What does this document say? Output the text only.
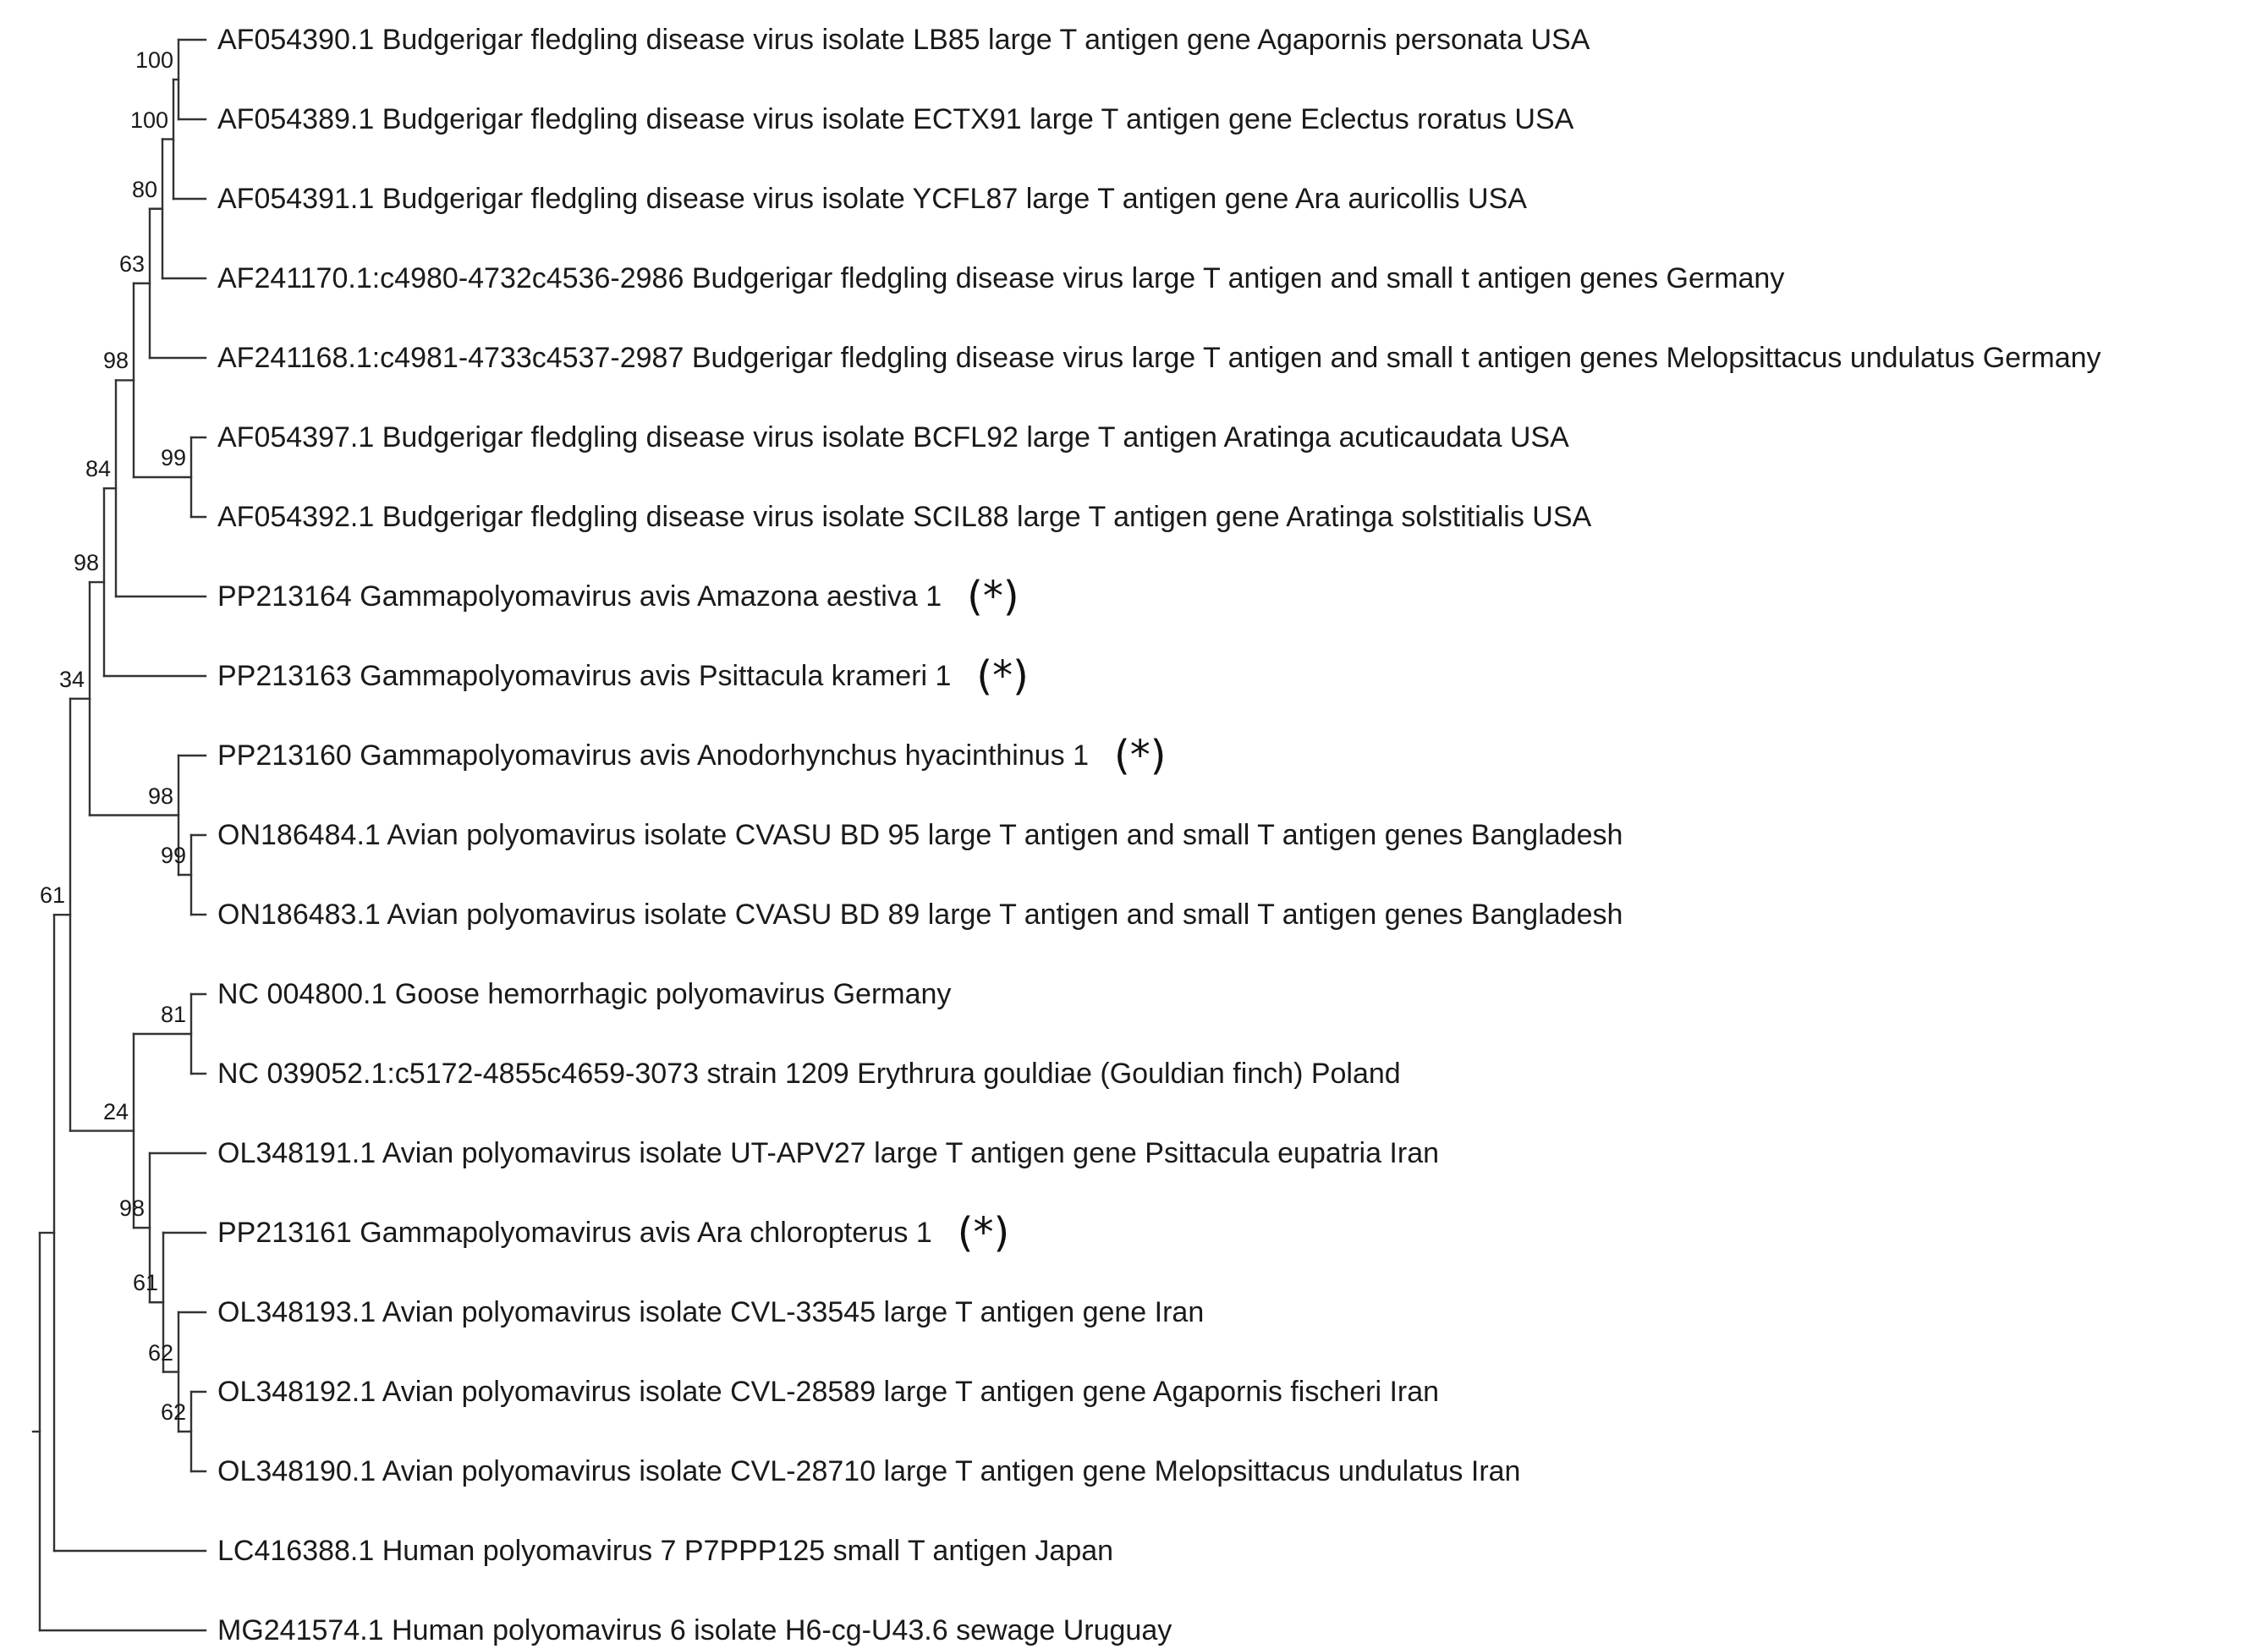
100
100
80
63
99
98
84
98
99
98
34
81
62
62
61
98
24
61
AF054390.1 Budgerigar fledgling disease virus isolate LB85 large T antigen gene Agapornis personata USA
AF054389.1 Budgerigar fledgling disease virus isolate ECTX91 large T antigen gene Eclectus roratus USA
AF054391.1 Budgerigar fledgling disease virus isolate YCFL87 large T antigen gene Ara auricollis USA
AF241170.1:c4980-4732c4536-2986 Budgerigar fledgling disease virus large T antigen and small t antigen genes Germany
AF241168.1:c4981-4733c4537-2987 Budgerigar fledgling disease virus large T antigen and small t antigen genes Melopsittacus undulatus Germany
AF054397.1 Budgerigar fledgling disease virus isolate BCFL92 large T antigen Aratinga acuticaudata USA
AF054392.1 Budgerigar fledgling disease virus isolate SCIL88 large T antigen gene Aratinga solstitialis USA
PP213164 Gammapolyomavirus avis Amazona aestiva 1 (*)
PP213163 Gammapolyomavirus avis Psittacula krameri 1 (*)
PP213160 Gammapolyomavirus avis Anodorhynchus hyacinthinus 1 (*)
ON186484.1 Avian polyomavirus isolate CVASU BD 95 large T antigen and small T antigen genes Bangladesh
ON186483.1 Avian polyomavirus isolate CVASU BD 89 large T antigen and small T antigen genes Bangladesh
NC 004800.1 Goose hemorrhagic polyomavirus Germany
NC 039052.1:c5172-4855c4659-3073 strain 1209 Erythrura gouldiae (Gouldian finch) Poland
OL348191.1 Avian polyomavirus isolate UT-APV27 large T antigen gene Psittacula eupatria Iran
PP213161 Gammapolyomavirus avis Ara chloropterus 1 (*)
OL348193.1 Avian polyomavirus isolate CVL-33545 large T antigen gene Iran
OL348192.1 Avian polyomavirus isolate CVL-28589 large T antigen gene Agapornis fischeri Iran
OL348190.1 Avian polyomavirus isolate CVL-28710 large T antigen gene Melopsittacus undulatus Iran
LC416388.1 Human polyomavirus 7 P7PPP125 small T antigen Japan
MG241574.1 Human polyomavirus 6 isolate H6-cg-U43.6 sewage Uruguay
